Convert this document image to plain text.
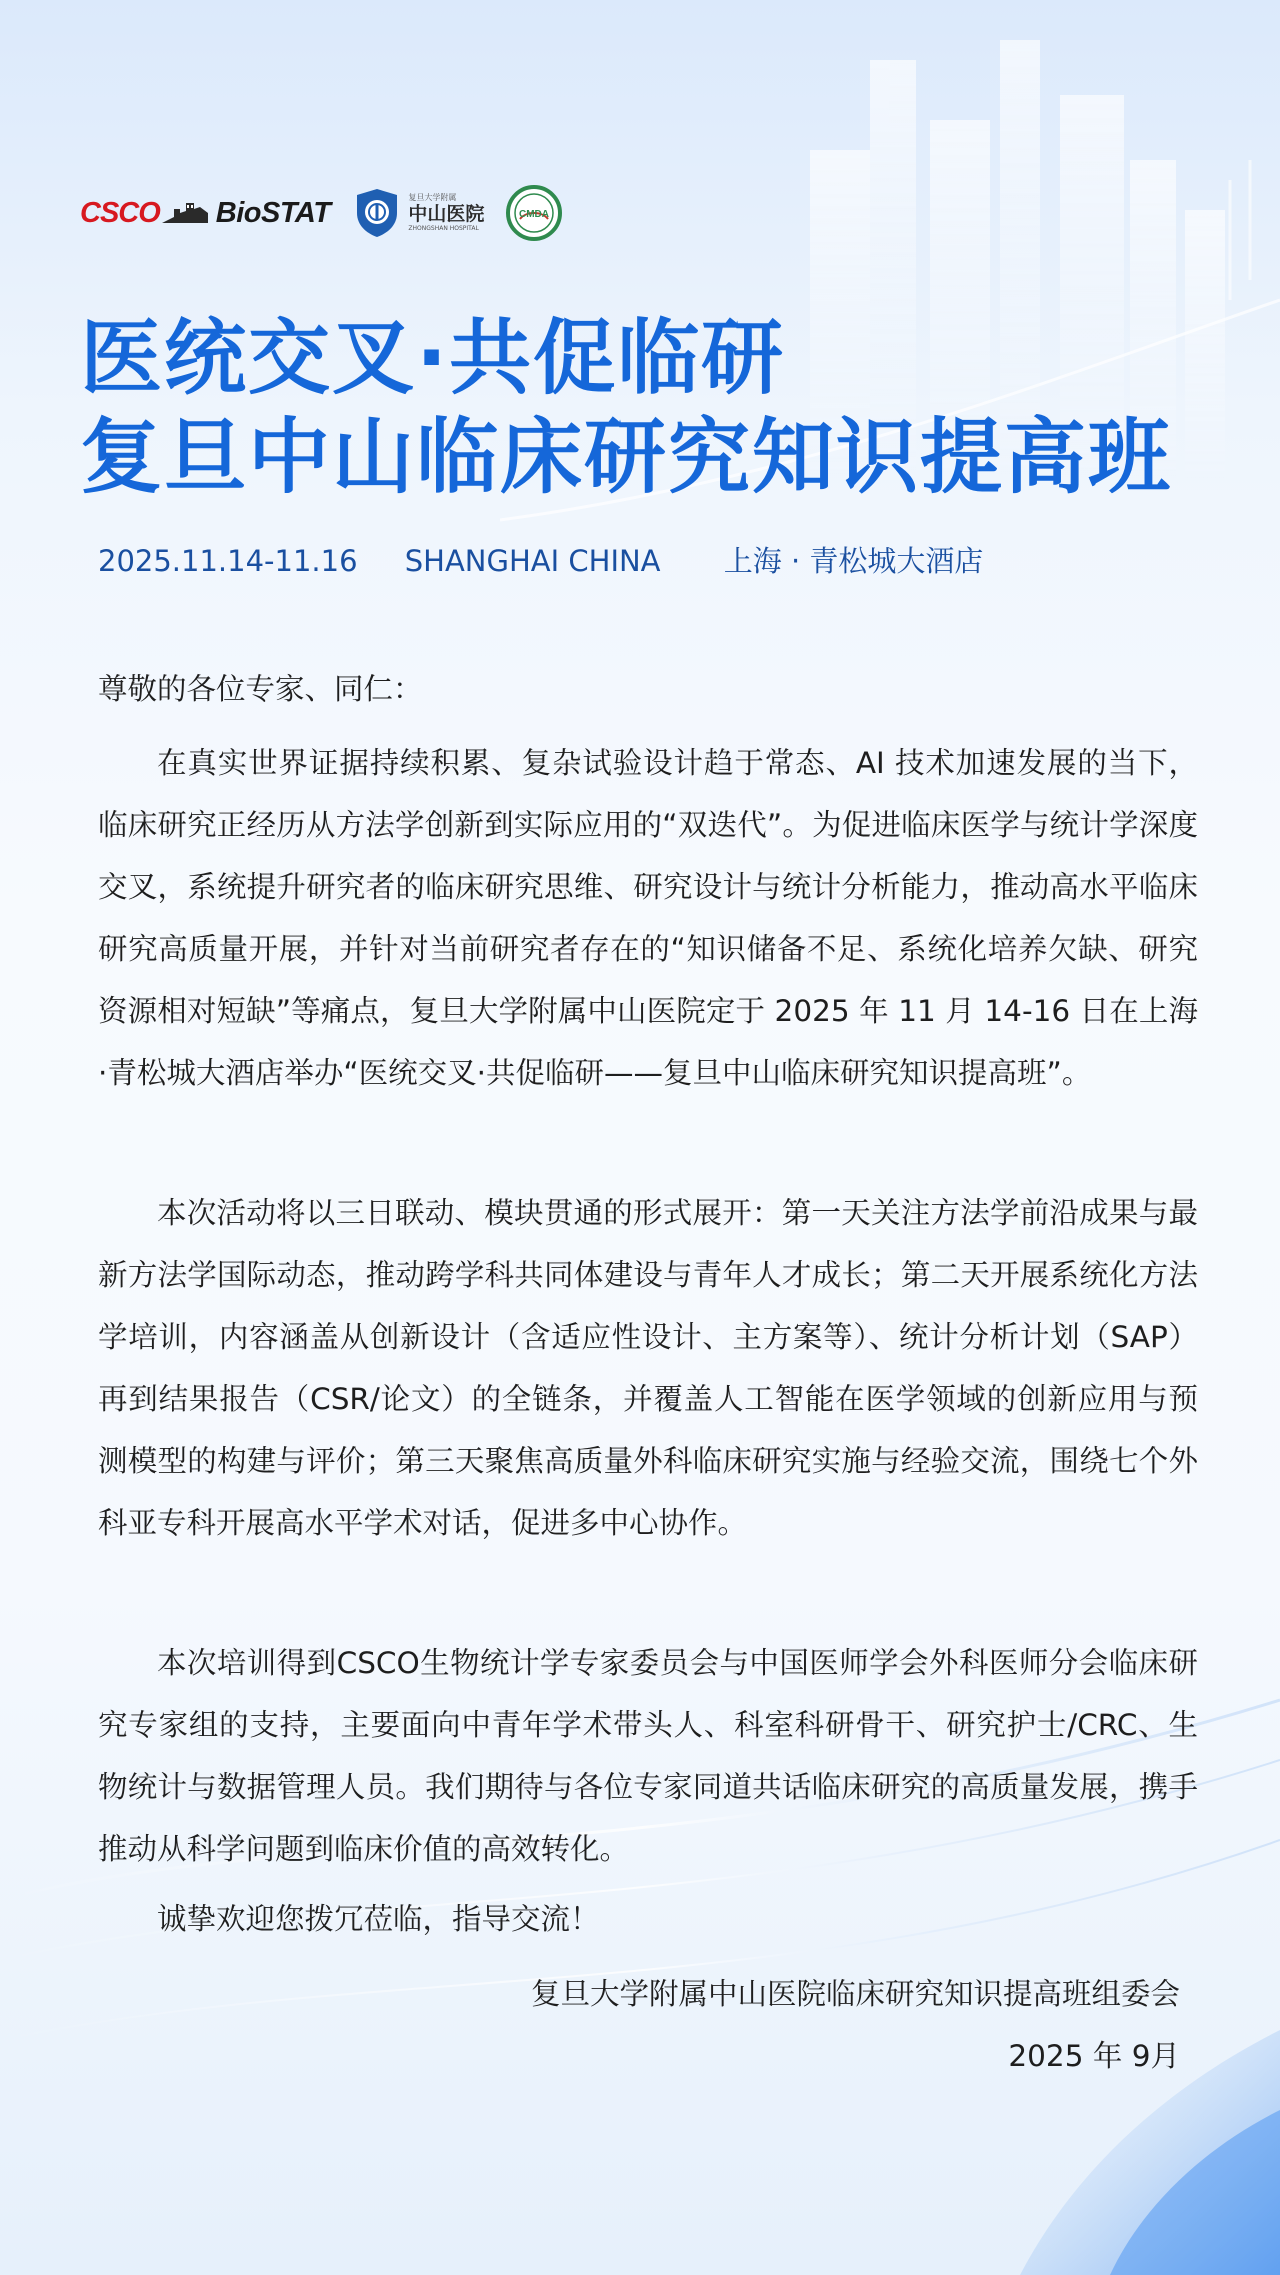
CSCO BioSTAT	复旦大学附属
中山医院
ZHONGSHAN HOSPITAL
CMDA
医统交叉·共促临研
复旦中山临床研究知识提高班
2025.11.14-11.16 SHANGHAI CHINA 上海 · 青松城大酒店

尊敬的各位专家、同仁：

在真实世界证据持续积累、复杂试验设计趋于常态、AI 技术加速发展的当下，临床研究正经历从方法学创新到实际应用的“双迭代”。为促进临床医学与统计学深度交叉，系统提升研究者的临床研究思维、研究设计与统计分析能力，推动高水平临床研究高质量开展，并针对当前研究者存在的“知识储备不足、系统化培养欠缺、研究资源相对短缺”等痛点，复旦大学附属中山医院定于 2025 年 11 月 14-16 日在上海·青松城大酒店举办“医统交叉·共促临研——复旦中山临床研究知识提高班”。

本次活动将以三日联动、模块贯通的形式展开：第一天关注方法学前沿成果与最新方法学国际动态，推动跨学科共同体建设与青年人才成长；第二天开展系统化方法学培训，内容涵盖从创新设计（含适应性设计、主方案等）、统计分析计划（SAP）再到结果报告（CSR/论文）的全链条，并覆盖人工智能在医学领域的创新应用与预测模型的构建与评价；第三天聚焦高质量外科临床研究实施与经验交流，围绕七个外科亚专科开展高水平学术对话，促进多中心协作。

本次培训得到CSCO生物统计学专家委员会与中国医师学会外科医师分会临床研究专家组的支持，主要面向中青年学术带头人、科室科研骨干、研究护士/CRC、生物统计与数据管理人员。我们期待与各位专家同道共话临床研究的高质量发展，携手推动从科学问题到临床价值的高效转化。

诚挚欢迎您拨冗莅临，指导交流！

复旦大学附属中山医院临床研究知识提高班组委会
2025 年 9月
